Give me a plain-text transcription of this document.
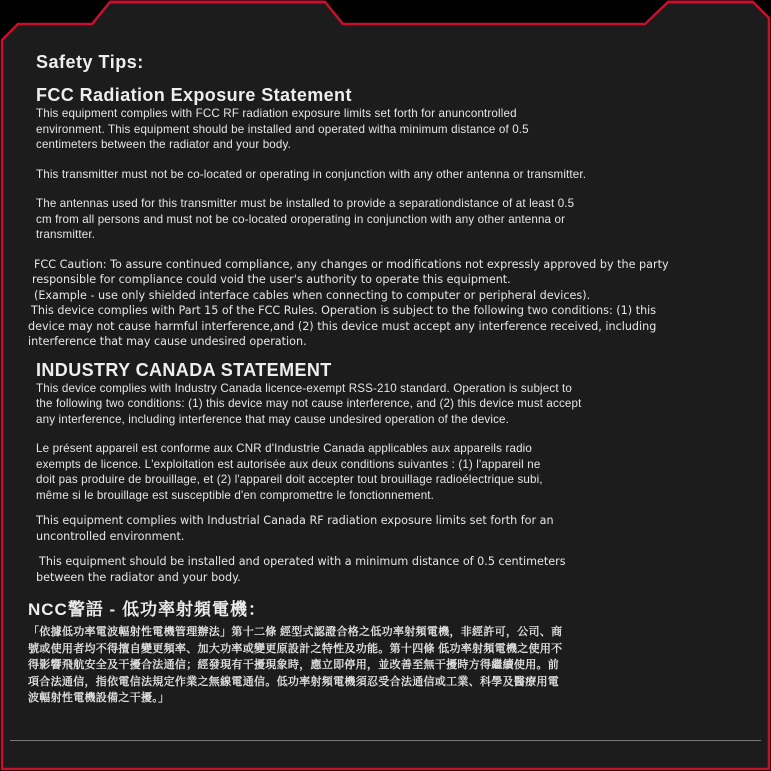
Safety Tips:
FCC Radiation Exposure Statement

This equipment complies with FCC RF radiation exposure limits set forth for anuncontrolled

environment. This equipment should be installed and operated witha minimum distance of 0.5

centimeters between the radiator and your body.

This transmitter must not be co-located or operating in conjunction with any other antenna or transmitter.

The antennas used for this transmitter must be installed to provide a separationdistance of at least 0.5

cm from all persons and must not be co-located oroperating in conjunction with any other antenna or

transmitter.

FCC Caution: To assure continued compliance, any changes or modifications not expressly approved by the party

responsible for compliance could void the user's authority to operate this equipment.

(Example - use only shielded interface cables when connecting to computer or peripheral devices).

This device complies with Part 15 of the FCC Rules. Operation is subject to the following two conditions: (1) this

device may not cause harmful interference,and (2) this device must accept any interference received, including

interference that may cause undesired operation.

INDUSTRY CANADA STATEMENT

This device complies with Industry Canada licence-exempt RSS-210 standard. Operation is subject to

the following two conditions: (1) this device may not cause interference, and (2) this device must accept

any interference, including interference that may cause undesired operation of the device.

Le présent appareil est conforme aux CNR d'Industrie Canada applicables aux appareils radio

exempts de licence. L'exploitation est autorisée aux deux conditions suivantes : (1) l'appareil ne

doit pas produire de brouillage, et (2) l'appareil doit accepter tout brouillage radioélectrique subi,

même si le brouillage est susceptible d'en compromettre le fonctionnement.

This equipment complies with Industrial Canada RF radiation exposure limits set forth for an

uncontrolled environment.

This equipment should be installed and operated with a minimum distance of 0.5 centimeters

between the radiator and your body.

NCC警語 - 低功率射頻電機：

「依據低功率電波輻射性電機管理辦法」第十二條 經型式認證合格之低功率射頻電機，非經許可，公司、商

號或使用者均不得擅自變更頻率、加大功率或變更原設計之特性及功能。第十四條 低功率射頻電機之使用不

得影響飛航安全及干擾合法通信；經發現有干擾現象時，應立即停用，並改善至無干擾時方得繼續使用。前

項合法通信，指依電信法規定作業之無線電通信。低功率射頻電機須忍受合法通信或工業、科學及醫療用電

波輻射性電機設備之干擾。」
